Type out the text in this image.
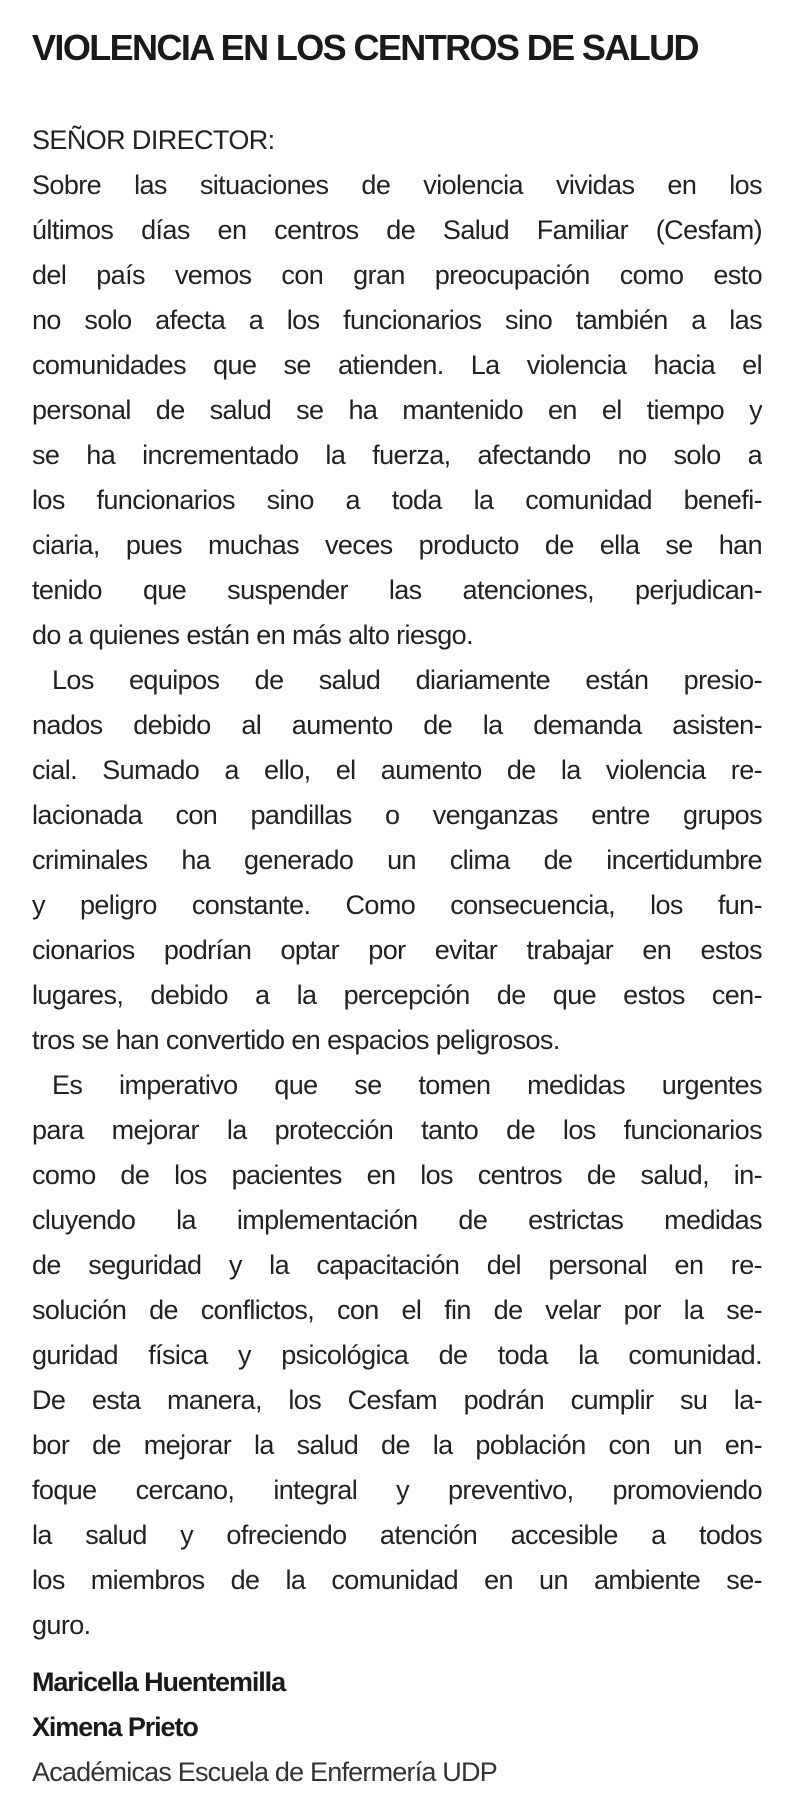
VIOLENCIA EN LOS CENTROS DE SALUD
SEÑOR DIRECTOR:
Sobre las situaciones de violencia vividas en los
últimos días en centros de Salud Familiar (Cesfam)
del país vemos con gran preocupación como esto
no solo afecta a los funcionarios sino también a las
comunidades que se atienden. La violencia hacia el
personal de salud se ha mantenido en el tiempo y
se ha incrementado la fuerza, afectando no solo a
los funcionarios sino a toda la comunidad benefi-
ciaria, pues muchas veces producto de ella se han
tenido que suspender las atenciones, perjudican-
do a quienes están en más alto riesgo.
Los equipos de salud diariamente están presio-
nados debido al aumento de la demanda asisten-
cial. Sumado a ello, el aumento de la violencia re-
lacionada con pandillas o venganzas entre grupos
criminales ha generado un clima de incertidumbre
y peligro constante. Como consecuencia, los fun-
cionarios podrían optar por evitar trabajar en estos
lugares, debido a la percepción de que estos cen-
tros se han convertido en espacios peligrosos.
Es imperativo que se tomen medidas urgentes
para mejorar la protección tanto de los funcionarios
como de los pacientes en los centros de salud, in-
cluyendo la implementación de estrictas medidas
de seguridad y la capacitación del personal en re-
solución de conflictos, con el fin de velar por la se-
guridad física y psicológica de toda la comunidad.
De esta manera, los Cesfam podrán cumplir su la-
bor de mejorar la salud de la población con un en-
foque cercano, integral y preventivo, promoviendo
la salud y ofreciendo atención accesible a todos
los miembros de la comunidad en un ambiente se-
guro.
Maricella Huentemilla
Ximena Prieto
Académicas Escuela de Enfermería UDP
